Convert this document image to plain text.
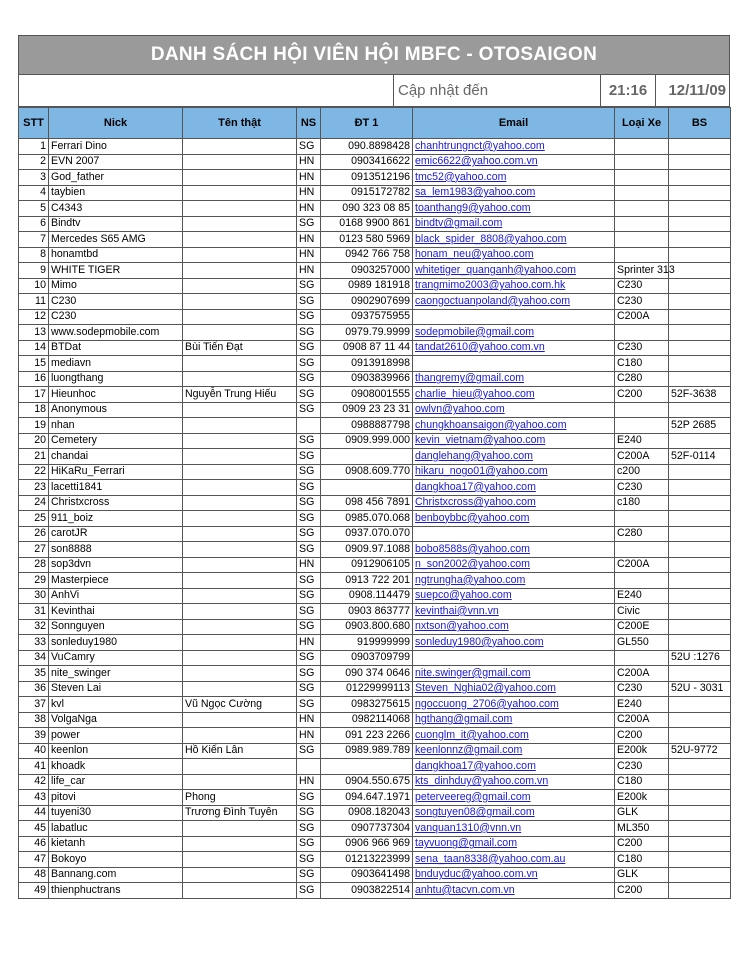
DANH SÁCH HỘI VIÊN HỘI MBFC - OTOSAIGON
Cập nhật đến	21:16	12/11/09
STT	Nick	Tên thật	NS	ĐT 1	Email	Loại Xe	BS
1	Ferrari Dino		SG	090.8898428	chanhtrungnct@yahoo.com		
2	EVN 2007		HN	0903416622	emic6622@yahoo.com.vn		
3	God_father		HN	0913512196	tmc52@yahoo.com		
4	taybien		HN	0915172782	sa_lem1983@yahoo.com		
5	C4343		HN	090 323 08 85	toanthang9@yahoo.com		
6	Bindtv		SG	0168 9900 861	bindtv@gmail.com		
7	Mercedes S65 AMG		HN	0123 580 5969	black_spider_8808@yahoo.com		
8	honamtbd		HN	0942 766 758	honam_neu@yahoo.com		
9	WHITE TIGER		HN	0903257000	whitetiger_quanganh@yahoo.com	Sprinter 313	
10	Mimo		SG	0989 181918	trangmimo2003@yahoo.com.hk	C230	
11	C230		SG	0902907699	caongoctuanpoland@yahoo.com	C230	
12	C230		SG	0937575955		C200A	
13	www.sodepmobile.com		SG	0979.79.9999	sodepmobile@gmail.com		
14	BTDat	Bùi Tiến Đạt	SG	0908 87 11 44	tandat2610@yahoo.com.vn	C230	
15	mediavn		SG	0913918998		C180	
16	luongthang		SG	0903839966	thangremy@gmail.com	C280	
17	Hieunhoc	Nguyễn Trung Hiếu	SG	0908001555	charlie_hieu@yahoo.com	C200	52F-3638
18	Anonymous		SG	0909 23 23 31	owlvn@yahoo.com		
19	nhan			0988887798	chungkhoansaigon@yahoo.com		52P 2685
20	Cemetery		SG	0909.999.000	kevin_vietnam@yahoo.com	E240	
21	chandai		SG		danglehang@yahoo.com	C200A	52F-0114
22	HiKaRu_Ferrari		SG	0908.609.770	hikaru_nogo01@yahoo.com	c200	
23	lacetti1841		SG		dangkhoa17@yahoo.com	C230	
24	Christxcross		SG	098 456 7891	Christxcross@yahoo.com	c180	
25	911_boiz		SG	0985.070.068	benboybbc@yahoo.com		
26	carotJR		SG	0937.070.070		C280	
27	son8888		SG	0909.97.1088	bobo8588s@yahoo.com		
28	sop3dvn		HN	0912906105	n_son2002@yahoo.com	C200A	
29	Masterpiece		SG	0913 722 201	ngtrungha@yahoo.com		
30	AnhVi		SG	0908.114479	suepco@yahoo.com	E240	
31	Kevinthai		SG	0903 863777	kevinthai@vnn.vn	Civic	
32	Sonnguyen		SG	0903.800.680	nxtson@yahoo.com	C200E	
33	sonleduy1980		HN	919999999	sonleduy1980@yahoo.com	GL550	
34	VuCamry		SG	0903709799			52U :1276
35	nite_swinger		SG	090 374 0646	nite.swinger@gmail.com	C200A	
36	Steven Lai		SG	01229999113	Steven_Nghia02@yahoo.com	C230	52U - 3031
37	kvl	Vũ Ngọc Cường	SG	0983275615	ngoccuong_2706@yahoo.com	E240	
38	VolgaNga		HN	0982114068	hgthang@gmail.com	C200A	
39	power		HN	091 223 2266	cuonglm_it@yahoo.com	C200	
40	keenlon	Hồ Kiến Lân	SG	0989.989.789	keenlonnz@gmail.com	E200k	52U-9772
41	khoadk				dangkhoa17@yahoo.com	C230	
42	life_car		HN	0904.550.675	kts_dinhduy@yahoo.com.vn	C180	
43	pitovi	Phong	SG	094.647.1971	peterveereg@gmail.com	E200k	
44	tuyeni30	Trương Đình Tuyên	SG	0908.182043	songtuyen08@gmail.com	GLK	
45	labatluc		SG	0907737304	vanquan1310@vnn.vn	ML350	
46	kietanh		SG	0906 966 969	tayvuong@gmail.com	C200	
47	Bokoyo		SG	01213223999	sena_taan8338@yahoo.com.au	C180	
48	Bannang.com		SG	0903641498	bnduyduc@yahoo.com.vn	GLK	
49	thienphuctrans		SG	0903822514	anhtu@tacvn.com.vn	C200	
